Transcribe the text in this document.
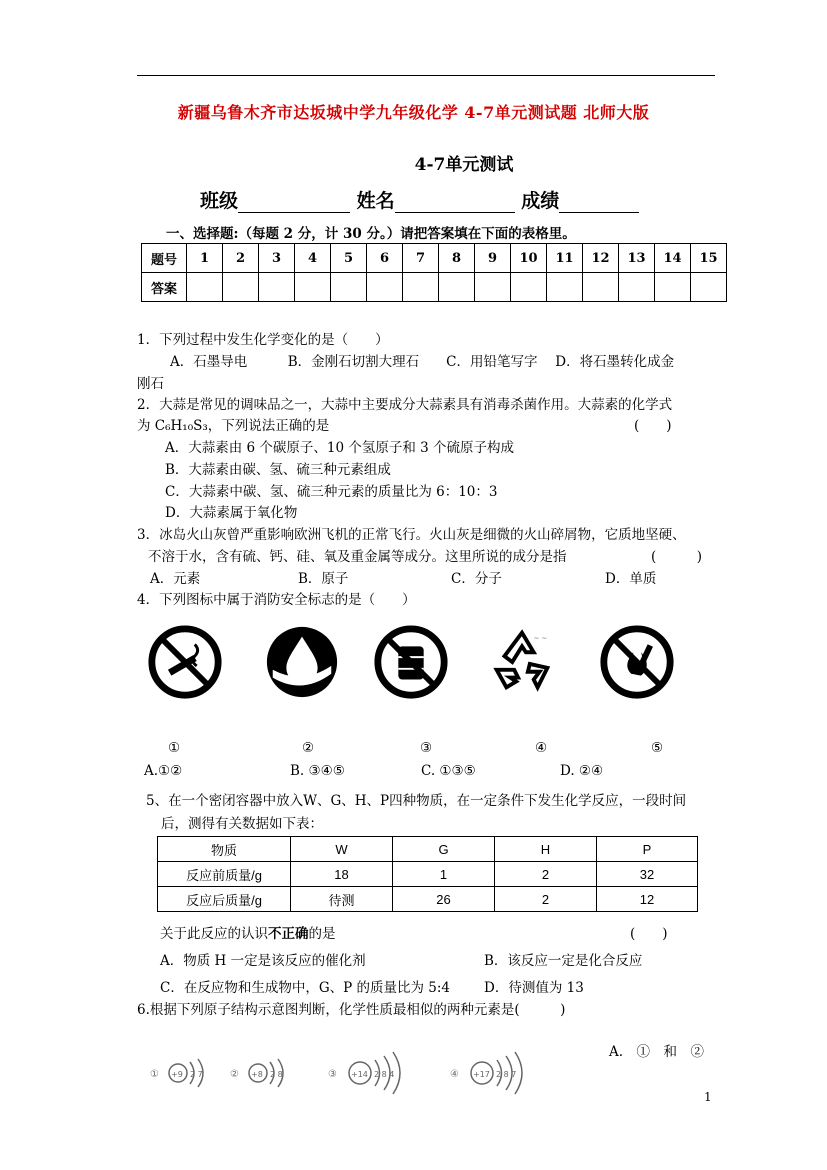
新疆乌鲁木齐市达坂城中学九年级化学 4-7单元测试题 北师大版
4-7单元测试
班级	姓名	成绩
一、选择题:（每题 2 分，计 30 分。）请把答案填在下面的表格里。
题号	1	2	3	4	5	6	7	8	9	10	11	12	13	14	15
答案															
1．下列过程中发生化学变化的是（　　）
A．石墨导电　　　B．金刚石切割大理石　　C．用铅笔写字　 D．将石墨转化成金
刚石
2．大蒜是常见的调味品之一，大蒜中主要成分大蒜素具有消毒杀菌作用。大蒜素的化学式
为 C₆H₁₀S₃，下列说法正确的是	(　　)
A．大蒜素由 6 个碳原子、10 个氢原子和 3 个硫原子构成
B．大蒜素由碳、氢、硫三种元素组成
C．大蒜素中碳、氢、硫三种元素的质量比为 6：10：3
D．大蒜素属于氧化物
3．冰岛火山灰曾严重影响欧洲飞机的正常飞行。火山灰是细微的火山碎屑物，它质地坚硬、
不溶于水，含有硫、钙、硅、氧及重金属等成分。这里所说的成分是指	(　　　)
A．元素	B．原子	C．分子	D．单质
4．下列图标中属于消防安全标志的是（　　）
~ ~
①	②	③	④	⑤
A.①②	B. ③④⑤	C. ①③⑤	D. ②④
5、在一个密闭容器中放入W、G、H、P四种物质，在一定条件下发生化学反应，一段时间
后，测得有关数据如下表：
物质	W	G	H	P
反应前质量/g	18	1	2	32
反应后质量/g	待测	26	2	12
关于此反应的认识不正确的是	(　　)
A．物质 H 一定是该反应的催化剂	B．该反应一定是化合反应
C．在反应物和生成物中，G、P 的质量比为 5:4	D．待测值为 13
6.根据下列原子结构示意图判断，化学性质最相似的两种元素是(　　　)
A.　①　和　②
① +9 2 7	② +8 2 8	③ +14 2 8 4	④ +17 2 8 7
1
